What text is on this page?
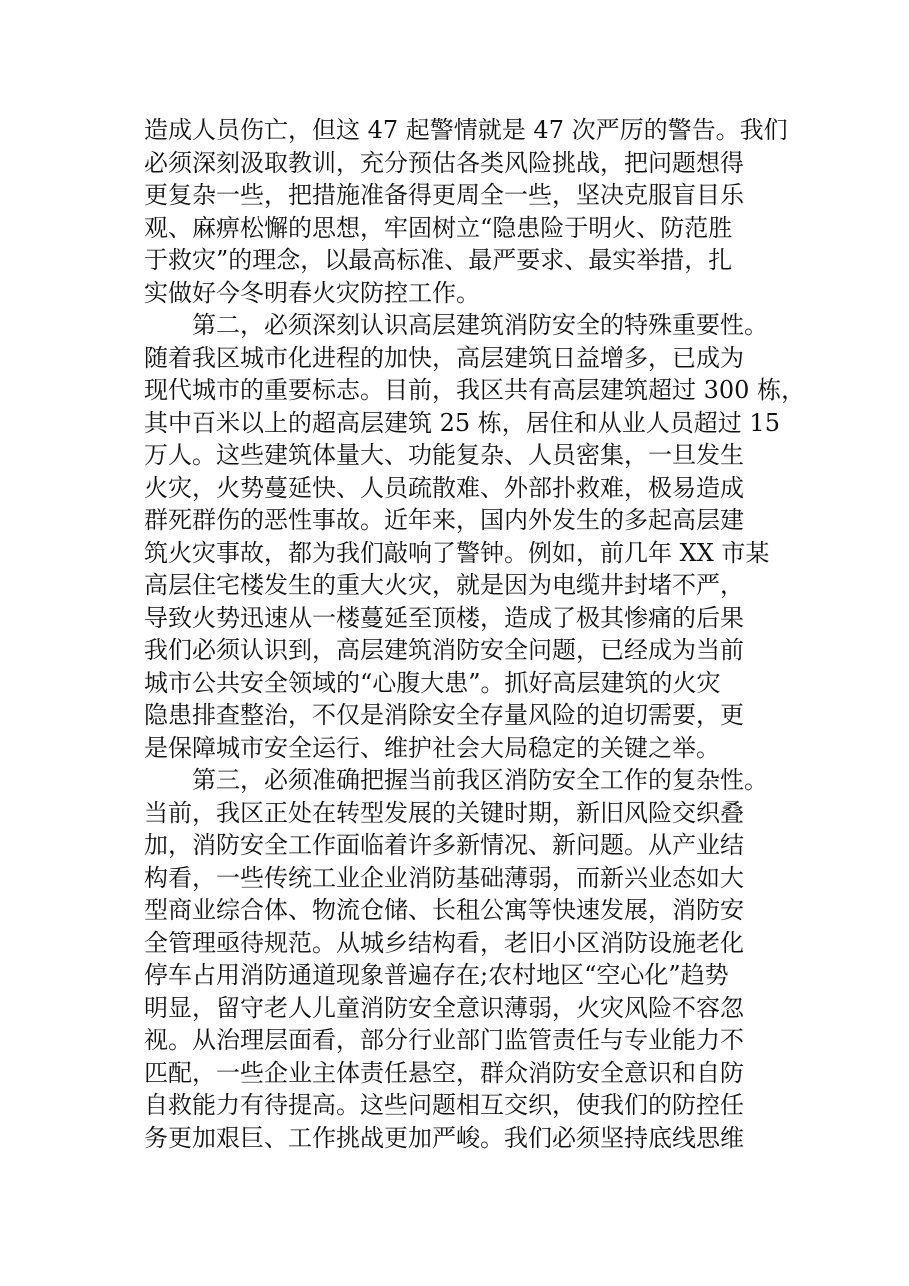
造成人员伤亡，但这 47 起警情就是 47 次严厉的警告。我们
必须深刻汲取教训，充分预估各类风险挑战，把问题想得
更复杂一些，把措施准备得更周全一些，坚决克服盲目乐
观、麻痹松懈的思想，牢固树立“隐患险于明火、防范胜
于救灾”的理念，以最高标准、最严要求、最实举措，扎
实做好今冬明春火灾防控工作。
　　第二，必须深刻认识高层建筑消防安全的特殊重要性。
随着我区城市化进程的加快，高层建筑日益增多，已成为
现代城市的重要标志。目前，我区共有高层建筑超过 300 栋，
其中百米以上的超高层建筑 25 栋，居住和从业人员超过 15
万人。这些建筑体量大、功能复杂、人员密集，一旦发生
火灾，火势蔓延快、人员疏散难、外部扑救难，极易造成
群死群伤的恶性事故。近年来，国内外发生的多起高层建
筑火灾事故，都为我们敲响了警钟。例如，前几年 XX 市某
高层住宅楼发生的重大火灾，就是因为电缆井封堵不严，
导致火势迅速从一楼蔓延至顶楼，造成了极其惨痛的后果
我们必须认识到，高层建筑消防安全问题，已经成为当前
城市公共安全领域的“心腹大患”。抓好高层建筑的火灾
隐患排查整治，不仅是消除安全存量风险的迫切需要，更
是保障城市安全运行、维护社会大局稳定的关键之举。
　　第三，必须准确把握当前我区消防安全工作的复杂性。
当前，我区正处在转型发展的关键时期，新旧风险交织叠
加，消防安全工作面临着许多新情况、新问题。从产业结
构看，一些传统工业企业消防基础薄弱，而新兴业态如大
型商业综合体、物流仓储、长租公寓等快速发展，消防安
全管理亟待规范。从城乡结构看，老旧小区消防设施老化
停车占用消防通道现象普遍存在;农村地区“空心化”趋势
明显，留守老人儿童消防安全意识薄弱，火灾风险不容忽
视。从治理层面看，部分行业部门监管责任与专业能力不
匹配，一些企业主体责任悬空，群众消防安全意识和自防
自救能力有待提高。这些问题相互交织，使我们的防控任
务更加艰巨、工作挑战更加严峻。我们必须坚持底线思维
